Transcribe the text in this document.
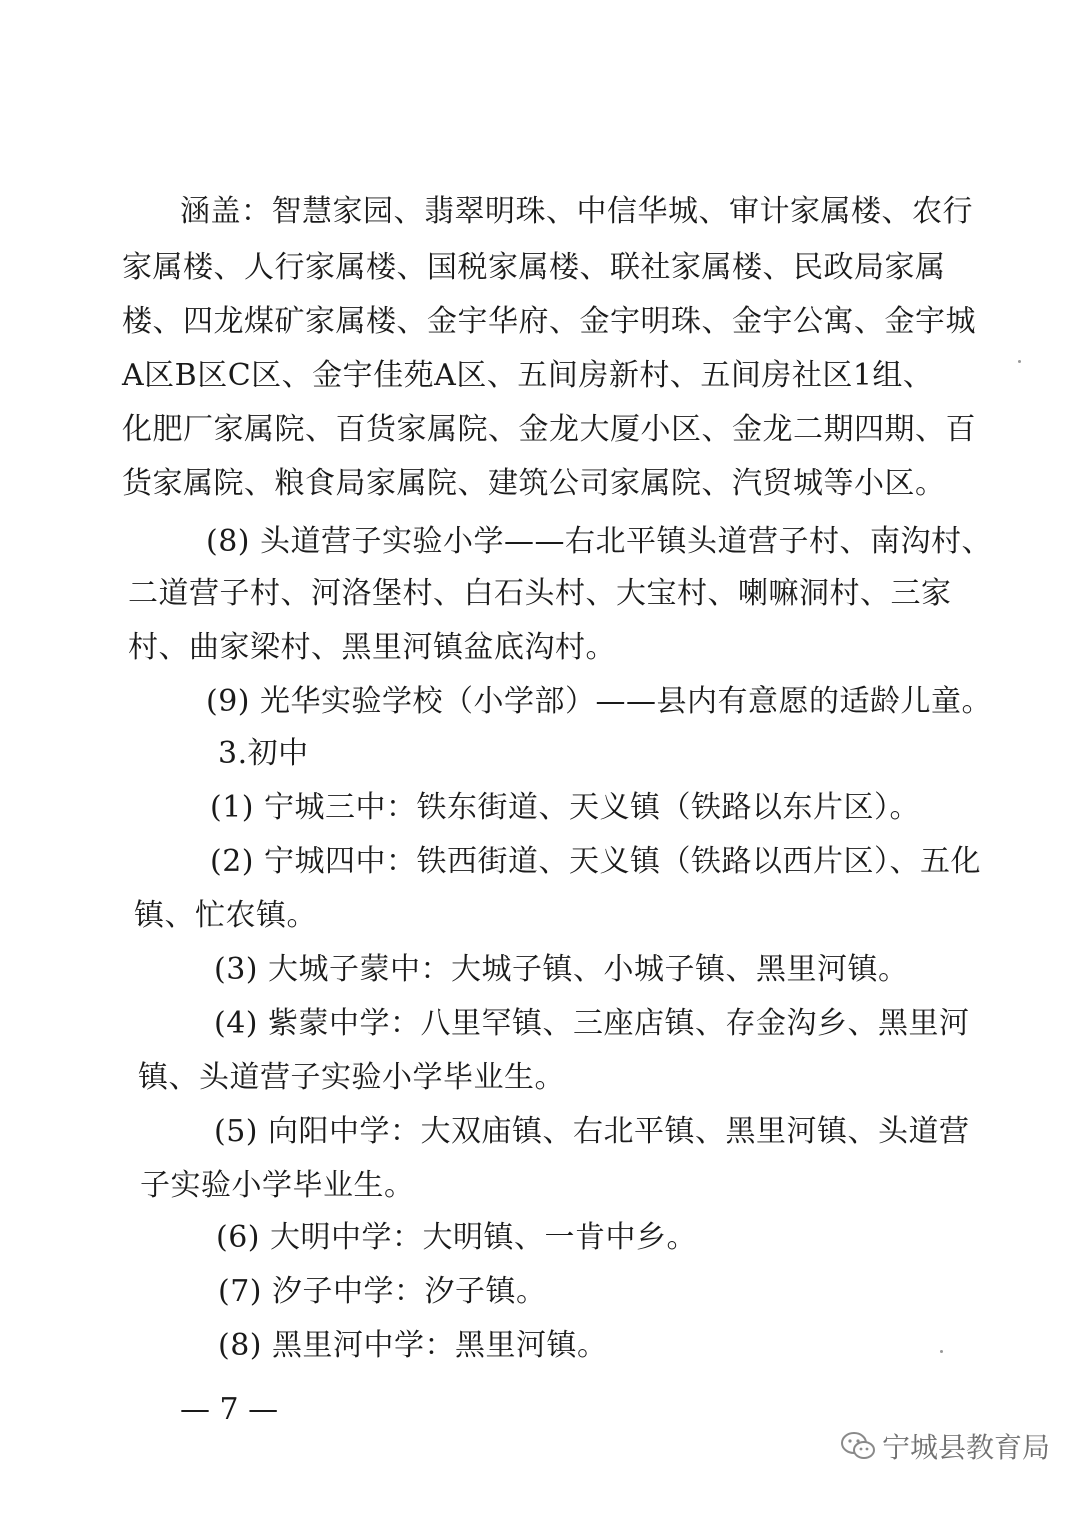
涵盖：智慧家园、翡翠明珠、中信华城、审计家属楼、农行
家属楼、人行家属楼、国税家属楼、联社家属楼、民政局家属
楼、四龙煤矿家属楼、金宇华府、金宇明珠、金宇公寓、金宇城
A区B区C区、金宇佳苑A区、五间房新村、五间房社区1组、
化肥厂家属院、百货家属院、金龙大厦小区、金龙二期四期、百
货家属院、粮食局家属院、建筑公司家属院、汽贸城等小区。
(8) 头道营子实验小学——右北平镇头道营子村、南沟村、
二道营子村、河洛堡村、白石头村、大宝村、喇嘛洞村、三家
村、曲家梁村、黑里河镇盆底沟村。
(9) 光华实验学校（小学部）——县内有意愿的适龄儿童。
3.初中
(1) 宁城三中：铁东街道、天义镇（铁路以东片区）。
(2) 宁城四中：铁西街道、天义镇（铁路以西片区）、五化
镇、忙农镇。
(3) 大城子蒙中：大城子镇、小城子镇、黑里河镇。
(4) 紫蒙中学：八里罕镇、三座店镇、存金沟乡、黑里河
镇、头道营子实验小学毕业生。
(5) 向阳中学：大双庙镇、右北平镇、黑里河镇、头道营
子实验小学毕业生。
(6) 大明中学：大明镇、一肯中乡。
(7) 汐子中学：汐子镇。
(8) 黑里河中学：黑里河镇。
— 7 —
宁城县教育局
